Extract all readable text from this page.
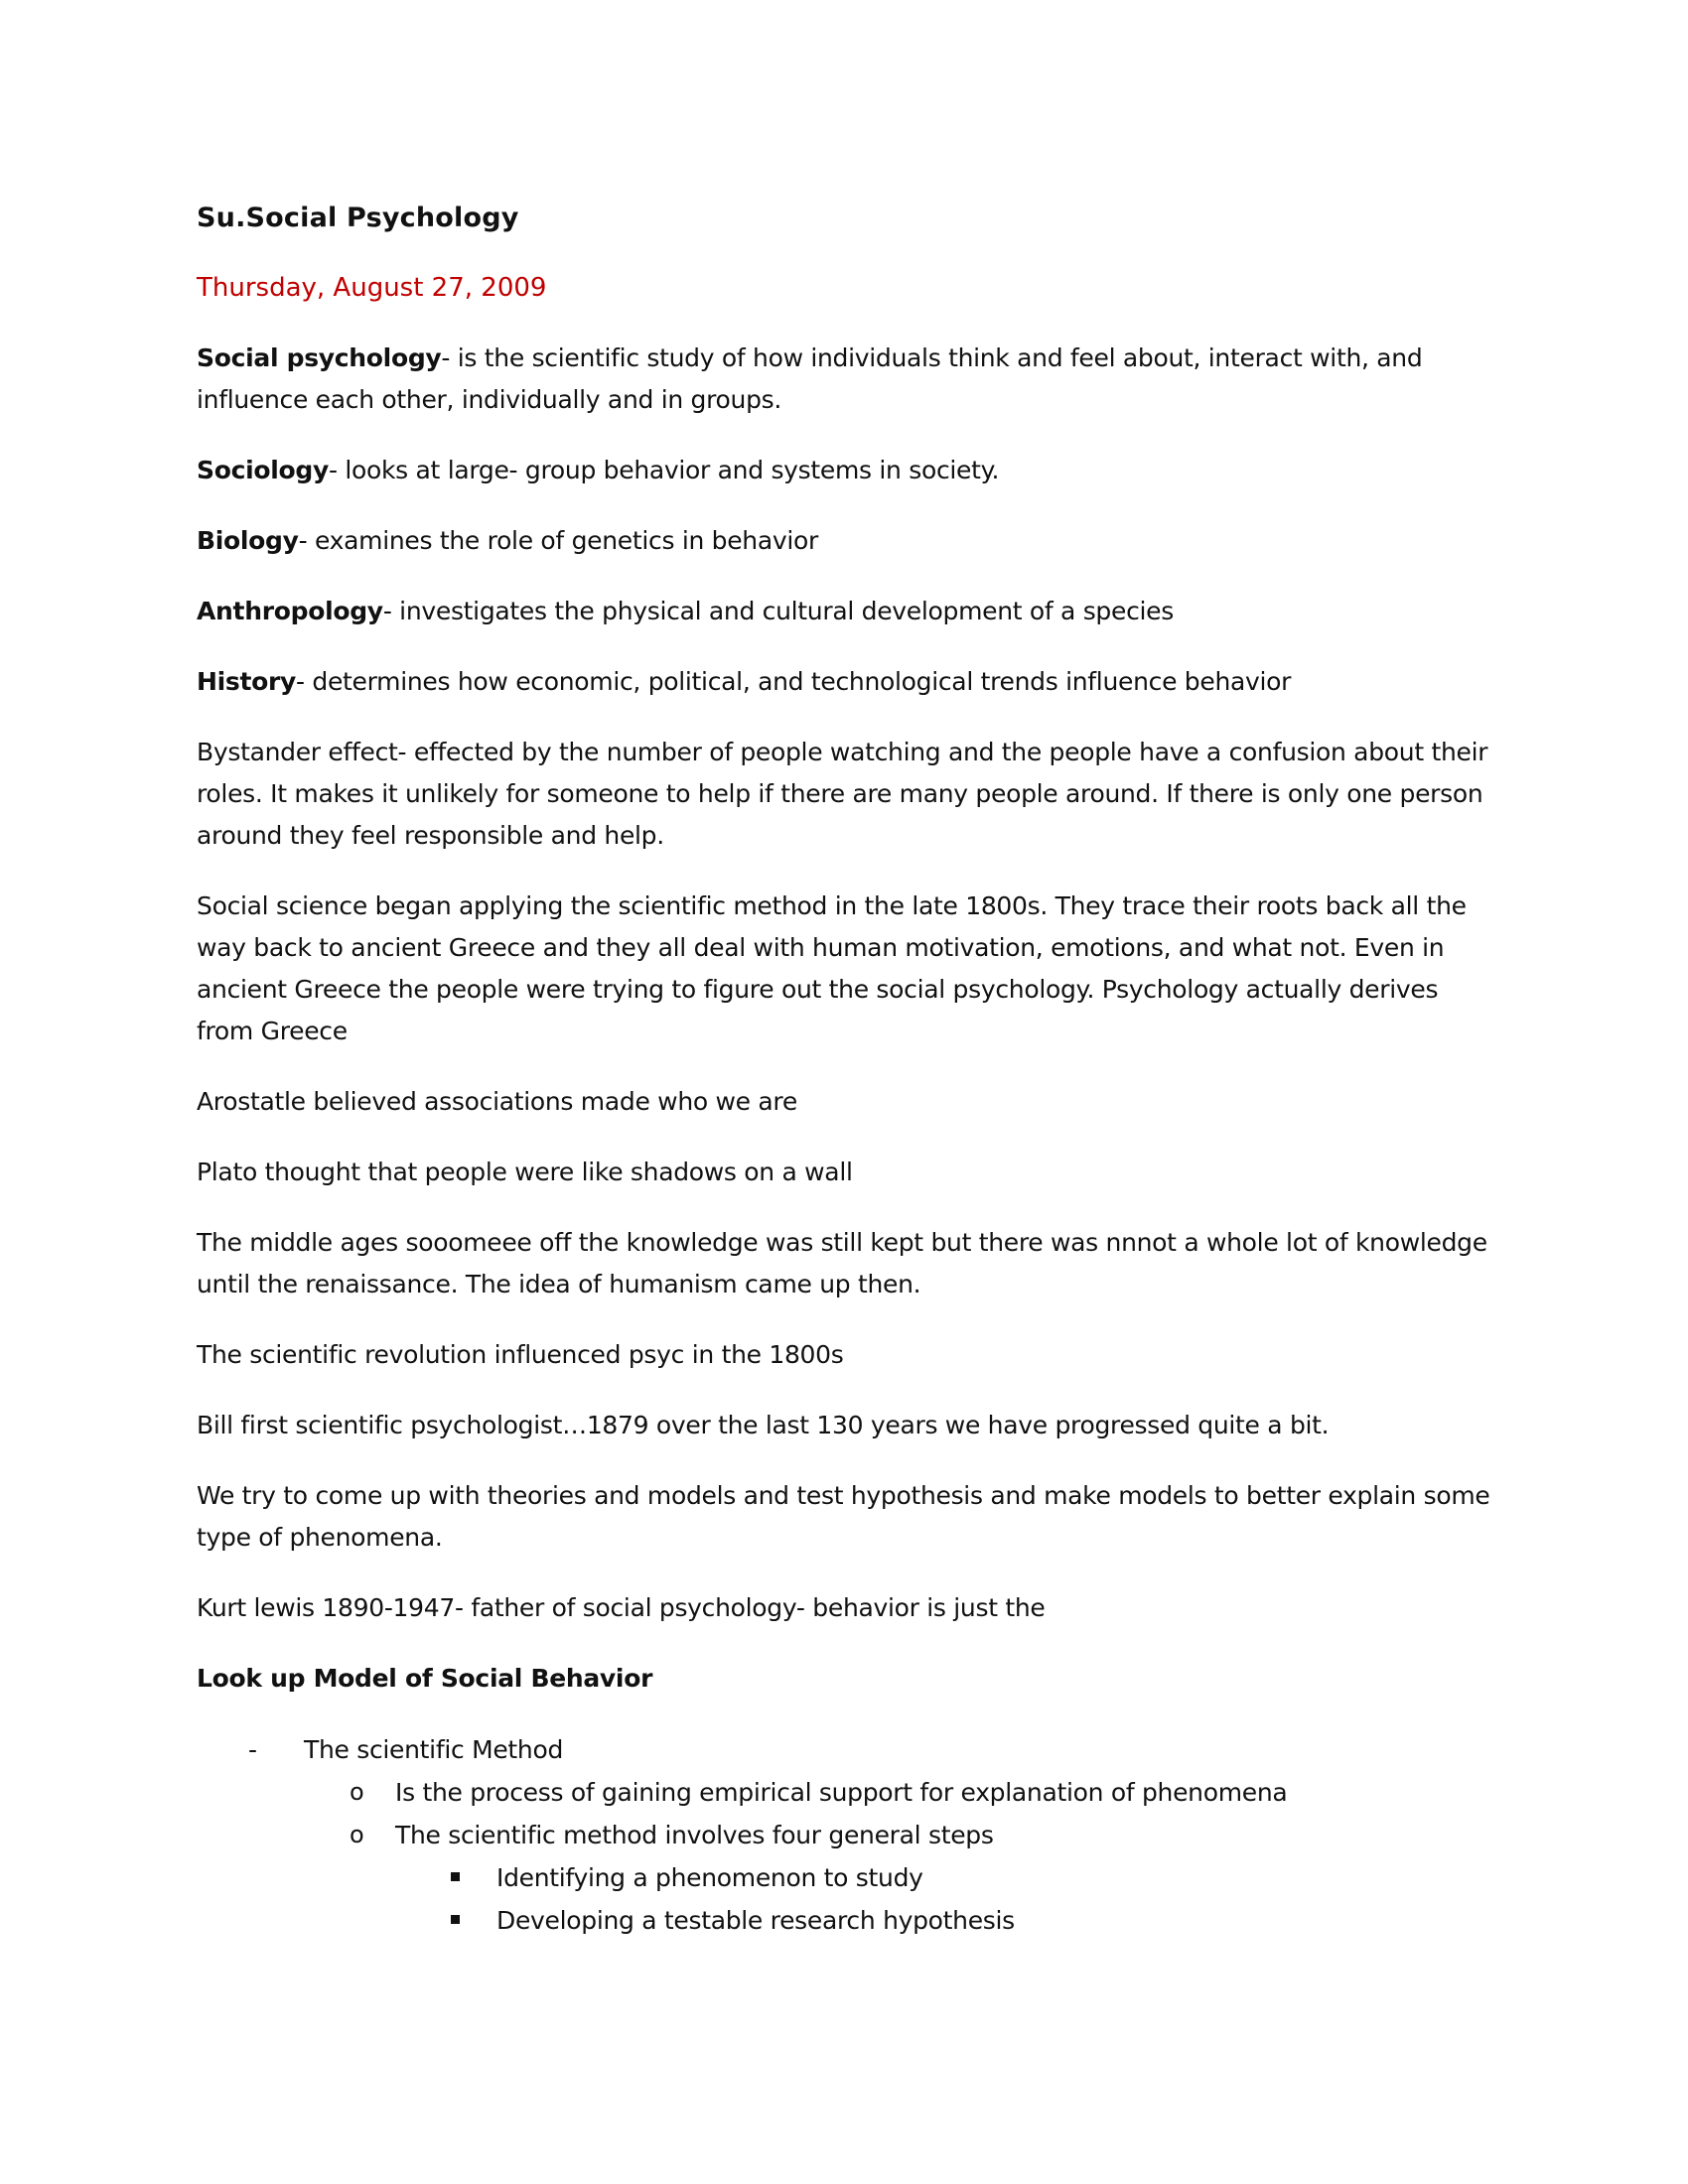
Su.Social Psychology
Thursday, August 27, 2009
Social psychology- is the scientific study of how individuals think and feel about, interact with, and influence each other, individually and in groups.
Sociology- looks at large- group behavior and systems in society.
Biology- examines the role of genetics in behavior
Anthropology- investigates the physical and cultural development of a species
History- determines how economic, political, and technological trends influence behavior
Bystander effect- effected by the number of people watching and the people have a confusion about their roles. It makes it unlikely for someone to help if there are many people around. If there is only one person around they feel responsible and help.
Social science began applying the scientific method in the late 1800s. They trace their roots back all the way back to ancient Greece and they all deal with human motivation, emotions, and what not. Even in ancient Greece the people were trying to figure out the social psychology. Psychology actually derives from Greece
Arostatle believed associations made who we are
Plato thought that people were like shadows on a wall
The middle ages sooomeee off the knowledge was still kept but there was nnnot a whole lot of knowledge until the renaissance. The idea of humanism came up then.
The scientific revolution influenced psyc in the 1800s
Bill first scientific psychologist…1879 over the last 130 years we have progressed quite a bit.
We try to come up with theories and models and test hypothesis and make models to better explain some type of phenomena.
Kurt lewis 1890-1947- father of social psychology- behavior is just the
Look up Model of Social Behavior
- The scientific Method
o Is the process of gaining empirical support for explanation of phenomena
o The scientific method involves four general steps
Identifying a phenomenon to study
Developing a testable research hypothesis
